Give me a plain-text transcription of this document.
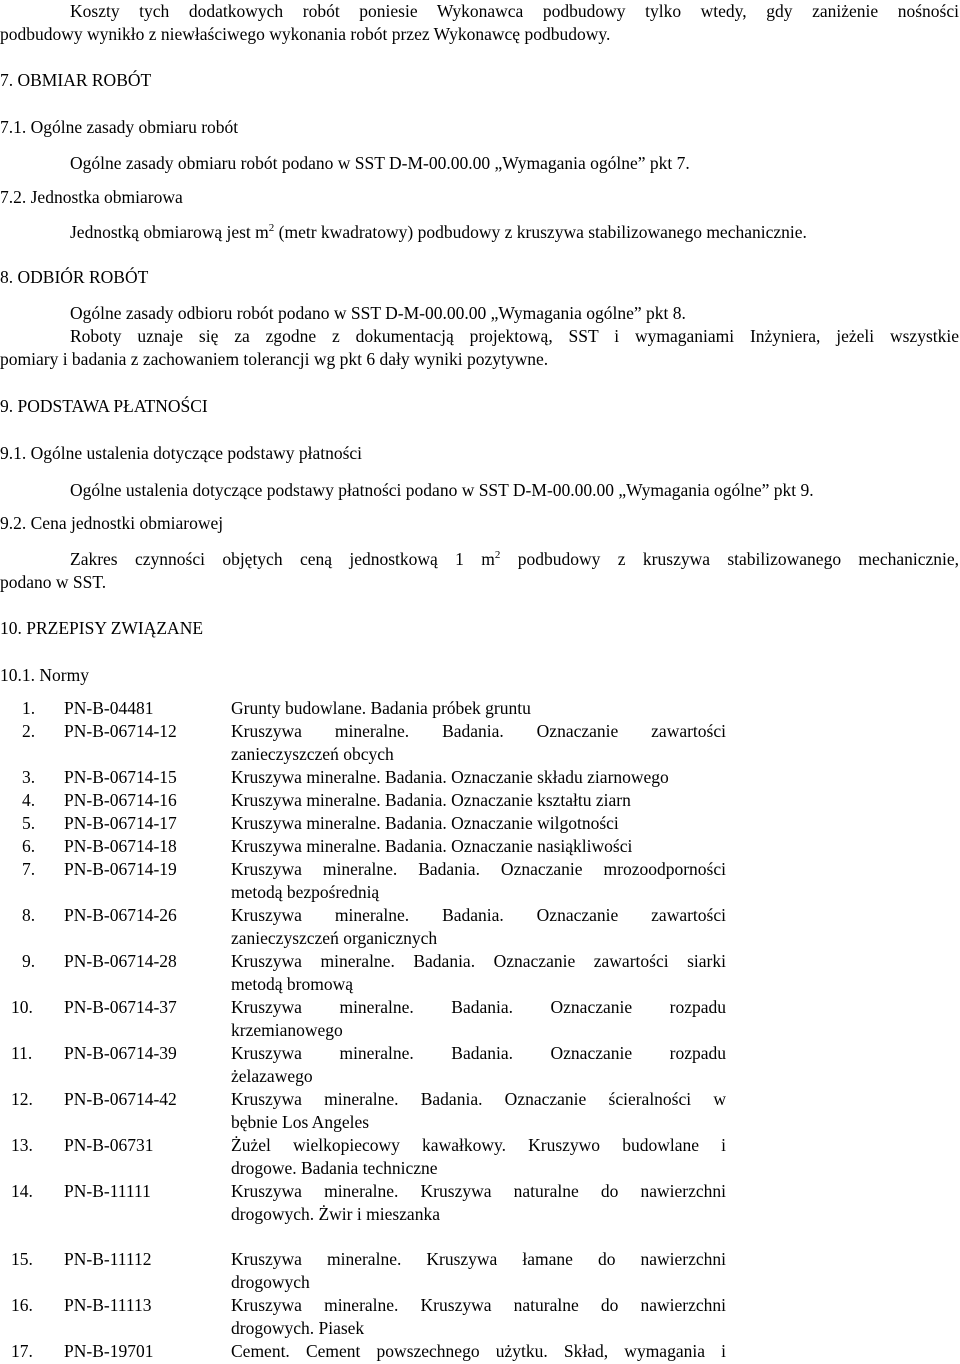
Koszty tych dodatkowych robót poniesie Wykonawca podbudowy tylko wtedy, gdy zaniżenie nośności

podbudowy wynikło z niewłaściwego wykonania robót przez Wykonawcę podbudowy.

7. OBMIAR ROBÓT

7.1. Ogólne zasady obmiaru robót

Ogólne zasady obmiaru robót podano w SST D-M-00.00.00 „Wymagania ogólne” pkt 7.

7.2. Jednostka obmiarowa

Jednostką obmiarową jest $m^2$ (metr kwadratowy) podbudowy z kruszywa stabilizowanego mechanicznie.

8. ODBIÓR ROBÓT

Ogólne zasady odbioru robót podano w SST D-M-00.00.00 „Wymagania ogólne” pkt 8.

Roboty uznaje się za zgodne z dokumentacją projektową, SST i wymaganiami Inżyniera, jeżeli wszystkie

pomiary i badania z zachowaniem tolerancji wg pkt 6 dały wyniki pozytywne.

9. PODSTAWA PŁATNOŚCI

9.1. Ogólne ustalenia dotyczące podstawy płatności

Ogólne ustalenia dotyczące podstawy płatności podano w SST D-M-00.00.00 „Wymagania ogólne” pkt 9.

9.2. Cena jednostki obmiarowej

Zakres czynności objętych ceną jednostkową 1 $m^2$ podbudowy z kruszywa stabilizowanego mechanicznie,

podano w SST.

10. PRZEPISY ZWIĄZANE

10.1. Normy

1. PN-B-04481	Grunty budowlane. Badania próbek gruntu
2. PN-B-06714-12	Kruszywa mineralne. Badania. Oznaczanie zawartości
zanieczyszczeń obcych
3. PN-B-06714-15	Kruszywa mineralne. Badania. Oznaczanie składu ziarnowego
4. PN-B-06714-16	Kruszywa mineralne. Badania. Oznaczanie kształtu ziarn
5. PN-B-06714-17	Kruszywa mineralne. Badania. Oznaczanie wilgotności
6. PN-B-06714-18	Kruszywa mineralne. Badania. Oznaczanie nasiąkliwości
7. PN-B-06714-19	Kruszywa mineralne. Badania. Oznaczanie mrozoodporności
metodą bezpośrednią
8. PN-B-06714-26	Kruszywa mineralne. Badania. Oznaczanie zawartości
zanieczyszczeń organicznych
9. PN-B-06714-28	Kruszywa mineralne. Badania. Oznaczanie zawartości siarki
metodą bromową
10. PN-B-06714-37	Kruszywa mineralne. Badania. Oznaczanie rozpadu
krzemianowego
11. PN-B-06714-39	Kruszywa mineralne. Badania. Oznaczanie rozpadu
żelazawego
12. PN-B-06714-42	Kruszywa mineralne. Badania. Oznaczanie ścieralności w
bębnie Los Angeles
13. PN-B-06731	Żużel wielkopiecowy kawałkowy. Kruszywo budowlane i
drogowe. Badania techniczne
14. PN-B-11111	Kruszywa mineralne. Kruszywa naturalne do nawierzchni
drogowych. Żwir i mieszanka
15. PN-B-11112	Kruszywa mineralne. Kruszywa łamane do nawierzchni
drogowych
16. PN-B-11113	Kruszywa mineralne. Kruszywa naturalne do nawierzchni
drogowych. Piasek
17. PN-B-19701	Cement. Cement powszechnego użytku. Skład, wymagania i
